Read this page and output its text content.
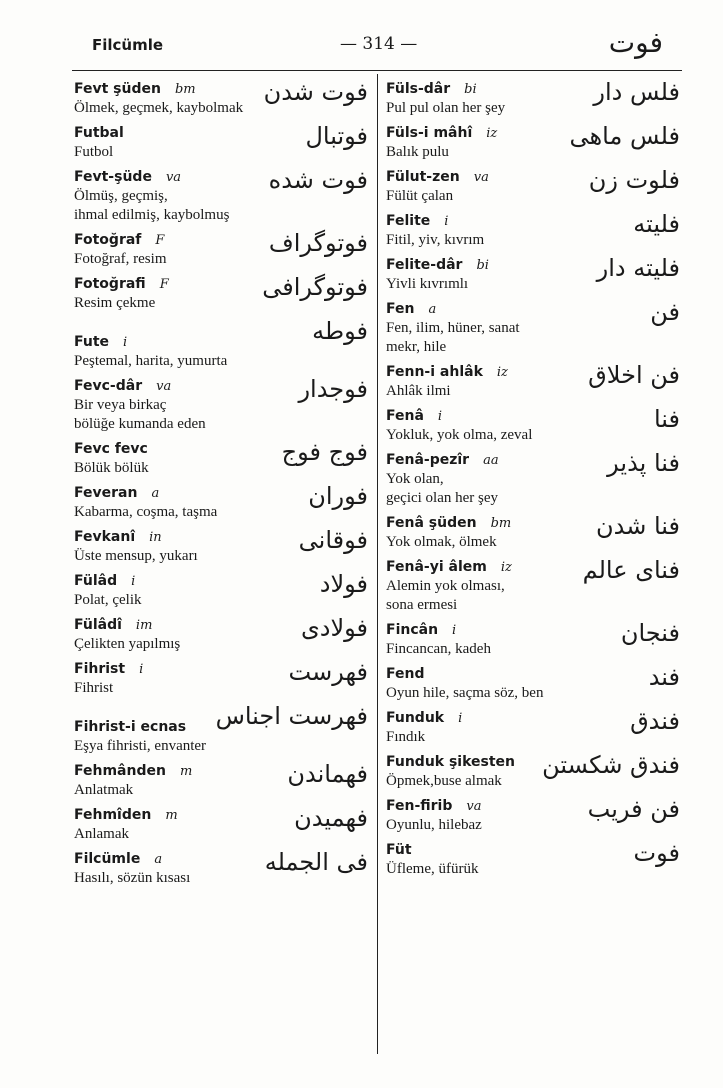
Filcümle	— 314 —	فوت
Fevt şüden bm	فوت شدن
Ölmek, geçmek, kaybolmak
Futbal	فوتبال
Futbol
Fevt-şüde va	فوت شده
Ölmüş, geçmiş,
ihmal edilmiş, kaybolmuş
Fotoğraf F	فوتوگراف
Fotoğraf, resim
Fotoğrafi F	فوتوگرافى
Resim çekme
Fute i	فوطه
Peştemal, harita, yumurta
Fevc-dâr va	فوجدار
Bir veya birkaç
bölüğe kumanda eden
Fevc fevc	فوج فوج
Bölük bölük
Feveran a	فوران
Kabarma, coşma, taşma
Fevkanî in	فوقانى
Üste mensup, yukarı
Fülâd i	فولاد
Polat, çelik
Fülâdî im	فولادى
Çelikten yapılmış
Fihrist i	فهرست
Fihrist
Fihrist-i ecnas	فهرست اجناس
Eşya fihristi, envanter
Fehmânden m	فهماندن
Anlatmak
Fehmîden m	فهميدن
Anlamak
Filcümle a	فى الجمله
Hasılı, sözün kısası
Füls-dâr bi	فلس دار
Pul pul olan her şey
Füls-i mâhî iz	فلس ماهى
Balık pulu
Fülut-zen va	فلوت زن
Fülüt çalan
Felite i	فليته
Fitil, yiv, kıvrım
Felite-dâr bi	فليته دار
Yivli kıvrımlı
Fen a	فن
Fen, ilim, hüner, sanat
mekr, hile
Fenn-i ahlâk iz	فن اخلاق
Ahlâk ilmi
Fenâ i	فنا
Yokluk, yok olma, zeval
Fenâ-pezîr aa	فنا پذير
Yok olan,
geçici olan her şey
Fenâ şüden bm	فنا شدن
Yok olmak, ölmek
Fenâ-yi âlem iz	فناى عالم
Alemin yok olması,
sona ermesi
Fincân i	فنجان
Fincancan, kadeh
Fend	فند
Oyun hile, saçma söz, ben
Funduk i	فندق
Fındık
Funduk şikesten	فندق شكستن
Öpmek,buse almak
Fen-firib va	فن فريب
Oyunlu, hilebaz
Füt	فوت
Üfleme, üfürük
